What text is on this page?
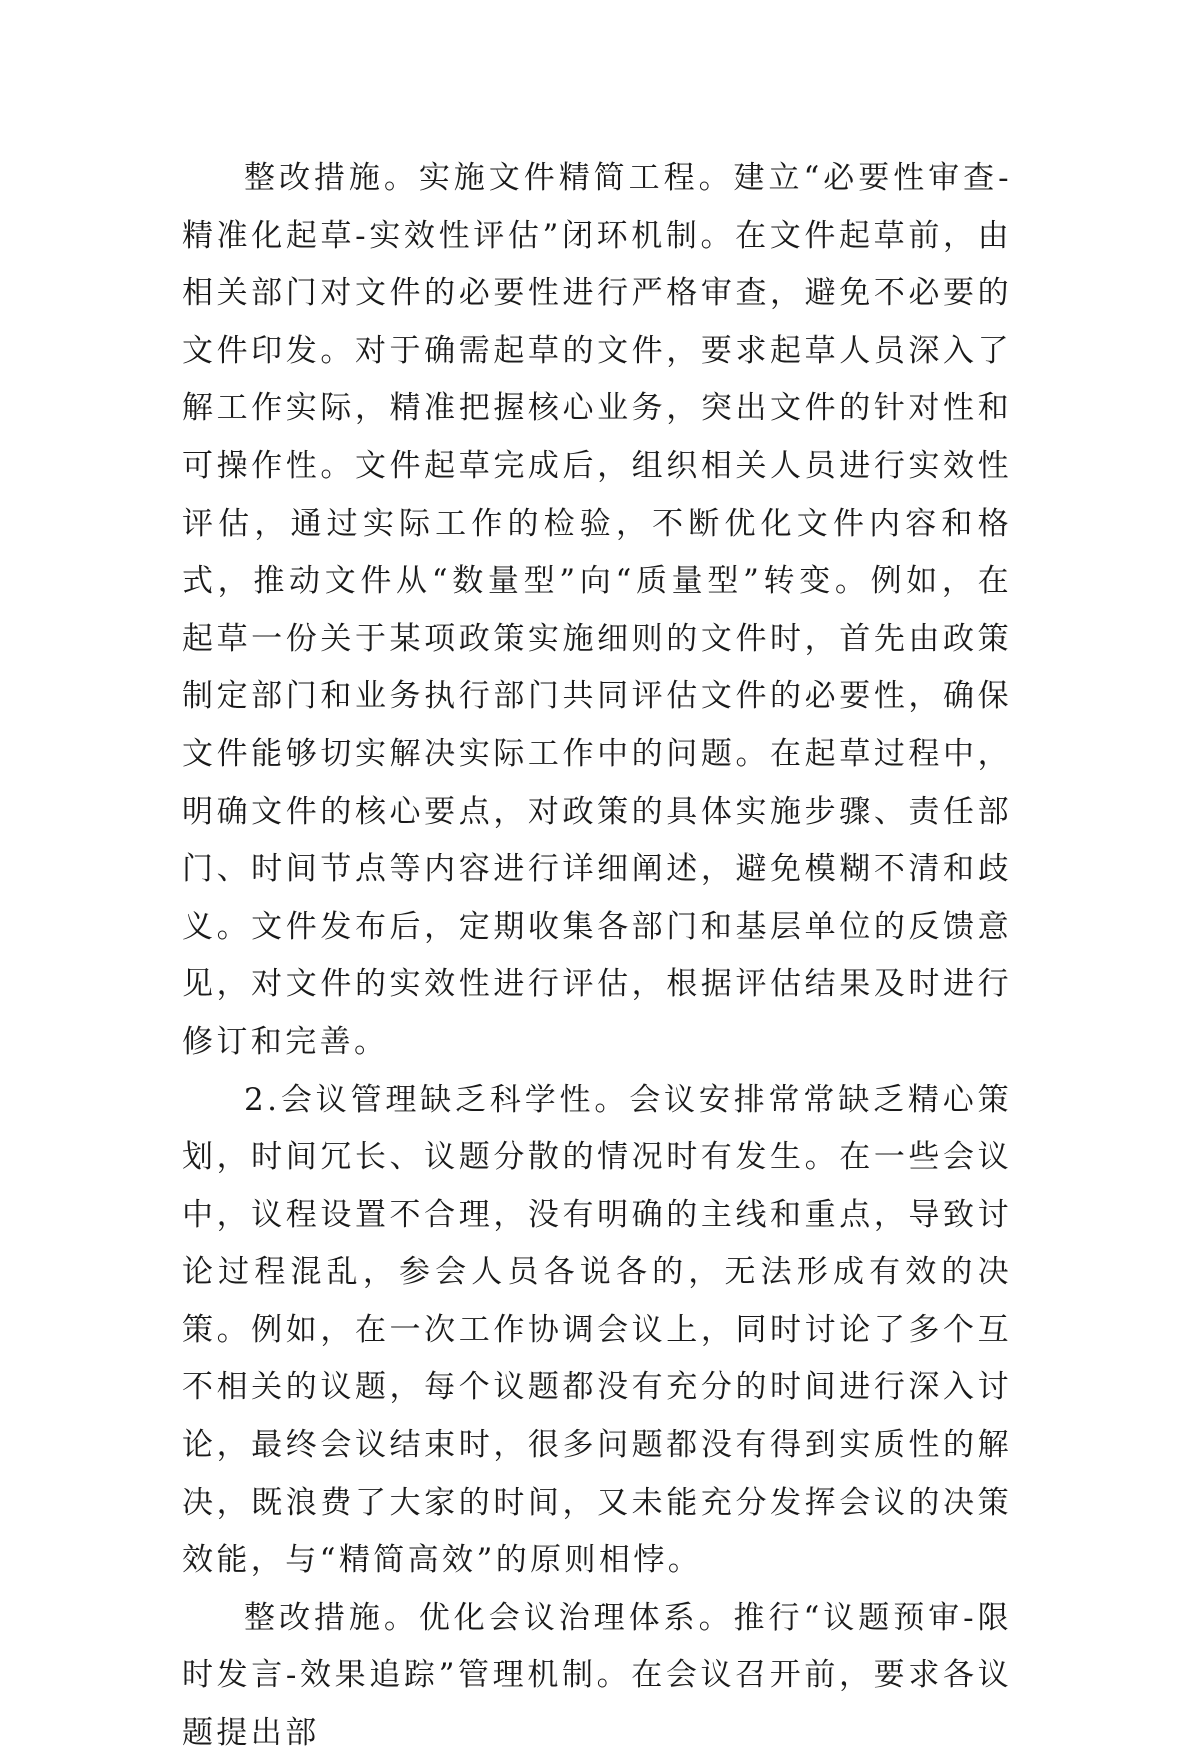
整改措施。实施文件精简工程。建立“必要性审查-精准化起草-实效性评估”闭环机制。在文件起草前，由相关部门对文件的必要性进行严格审查，避免不必要的文件印发。对于确需起草的文件，要求起草人员深入了解工作实际，精准把握核心业务，突出文件的针对性和可操作性。文件起草完成后，组织相关人员进行实效性评估，通过实际工作的检验，不断优化文件内容和格式，推动文件从“数量型”向“质量型”转变。例如，在起草一份关于某项政策实施细则的文件时，首先由政策制定部门和业务执行部门共同评估文件的必要性，确保文件能够切实解决实际工作中的问题。在起草过程中，明确文件的核心要点，对政策的具体实施步骤、责任部门、时间节点等内容进行详细阐述，避免模糊不清和歧义。文件发布后，定期收集各部门和基层单位的反馈意见，对文件的实效性进行评估，根据评估结果及时进行修订和完善。

2.会议管理缺乏科学性。会议安排常常缺乏精心策划，时间冗长、议题分散的情况时有发生。在一些会议中，议程设置不合理，没有明确的主线和重点，导致讨论过程混乱，参会人员各说各的，无法形成有效的决策。例如，在一次工作协调会议上，同时讨论了多个互不相关的议题，每个议题都没有充分的时间进行深入讨论，最终会议结束时，很多问题都没有得到实质性的解决，既浪费了大家的时间，又未能充分发挥会议的决策效能，与“精简高效”的原则相悖。

整改措施。优化会议治理体系。推行“议题预审-限时发言-效果追踪”管理机制。在会议召开前，要求各议题提出部
